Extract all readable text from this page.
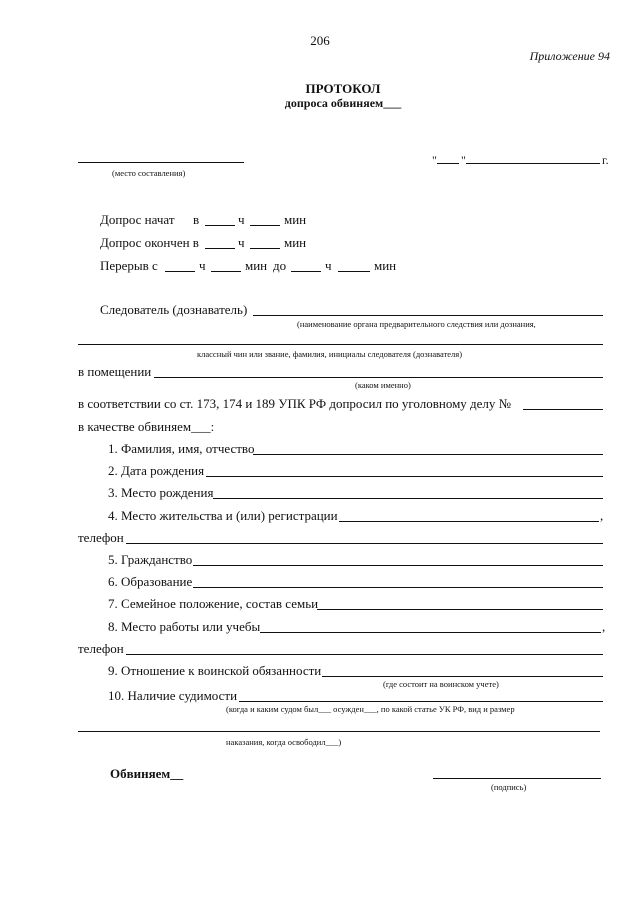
206
Приложение 94
ПРОТОКОЛ
допроса обвиняем___
(место составления)
" "	г.
Допрос начат в	ч	мин
Допрос окончен в	ч	мин
Перерыв с	ч	мин до	ч	мин
Следователь (дознаватель)
(наименование органа предварительного следствия или дознания,
классный чин или звание, фамилия, инициалы следователя (дознавателя)
в помещении
(каком именно)
в соответствии со ст. 173, 174 и 189 УПК РФ допросил по уголовному делу №
в качестве обвиняем___:
1. Фамилия, имя, отчество
2. Дата рождения
3. Место рождения
4. Место жительства и (или) регистрации	,
телефон
5. Гражданство
6. Образование
7. Семейное положение, состав семьи
8. Место работы или учебы	,
телефон
9. Отношение к воинской обязанности
(где состоит на воинском учете)
10. Наличие судимости
(когда и каким судом был___ осужден___, по какой статье УК РФ, вид и размер
наказания, когда освободил___)
Обвиняем__
(подпись)
